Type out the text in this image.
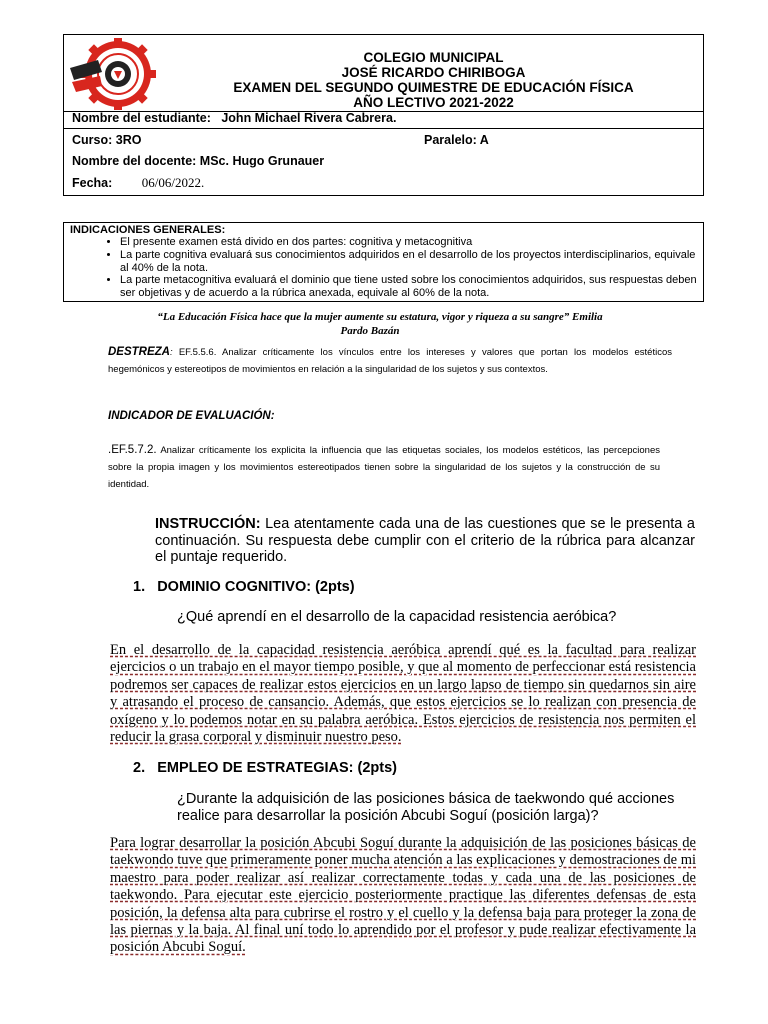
COLEGIO MUNICIPAL
JOSÉ RICARDO CHIRIBOGA
EXAMEN DEL SEGUNDO QUIMESTRE DE EDUCACIÓN FÍSICA
AÑO LECTIVO 2021-2022
Nombre del estudiante: John Michael Rivera Cabrera.
Curso: 3RO	Paralelo: A
Nombre del docente: MSc. Hugo Grunauer
Fecha: 06/06/2022.
INDICACIONES GENERALES:
• El presente examen está divido en dos partes: cognitiva y metacognitiva
• La parte cognitiva evaluará sus conocimientos adquiridos en el desarrollo de los proyectos interdisciplinarios, equivale al 40% de la nota.
• La parte metacognitiva evaluará el dominio que tiene usted sobre los conocimientos adquiridos, sus respuestas deben ser objetivas y de acuerdo a la rúbrica anexada, equivale al 60% de la nota.
“La Educación Física hace que la mujer aumente su estatura, vigor y riqueza a su sangre” Emilia
Pardo Bazán
DESTREZA: EF.5.5.6. Analizar críticamente los vínculos entre los intereses y valores que portan los modelos estéticos hegemónicos y estereotipos de movimientos en relación a la singularidad de los sujetos y sus contextos.
INDICADOR DE EVALUACIÓN:
.EF.5.7.2. Analizar críticamente los explicita la influencia que las etiquetas sociales, los modelos estéticos, las percepciones sobre la propia imagen y los movimientos estereotipados tienen sobre la singularidad de los sujetos y la construcción de su identidad.
INSTRUCCIÓN: Lea atentamente cada una de las cuestiones que se le presenta a continuación. Su respuesta debe cumplir con el criterio de la rúbrica para alcanzar el puntaje requerido.
1. DOMINIO COGNITIVO: (2pts)
¿Qué aprendí en el desarrollo de la capacidad resistencia aeróbica?
En el desarrollo de la capacidad resistencia aeróbica aprendí qué es la facultad para realizar ejercicios o un trabajo en el mayor tiempo posible, y que al momento de perfeccionar está resistencia podremos ser capaces de realizar estos ejercicios en un largo lapso de tiempo sin quedarnos sin aire y atrasando el proceso de cansancio. Además, que estos ejercicios se lo realizan con presencia de oxígeno y lo podemos notar en su palabra aeróbica. Estos ejercicios de resistencia nos permiten el reducir la grasa corporal y disminuir nuestro peso.
2. EMPLEO DE ESTRATEGIAS: (2pts)
¿Durante la adquisición de las posiciones básica de taekwondo qué acciones realice para desarrollar la posición Abcubi Soguí (posición larga)?
Para lograr desarrollar la posición Abcubi Soguí durante la adquisición de las posiciones básicas de taekwondo tuve que primeramente poner mucha atención a las explicaciones y demostraciones de mi maestro para poder realizar así realizar correctamente todas y cada una de las posiciones de taekwondo. Para ejecutar este ejercicio posteriormente practique las diferentes defensas de esta posición, la defensa alta para cubrirse el rostro y el cuello y la defensa baja para proteger la zona de las piernas y la baja. Al final uní todo lo aprendido por el profesor y pude realizar efectivamente la posición Abcubi Soguí.
